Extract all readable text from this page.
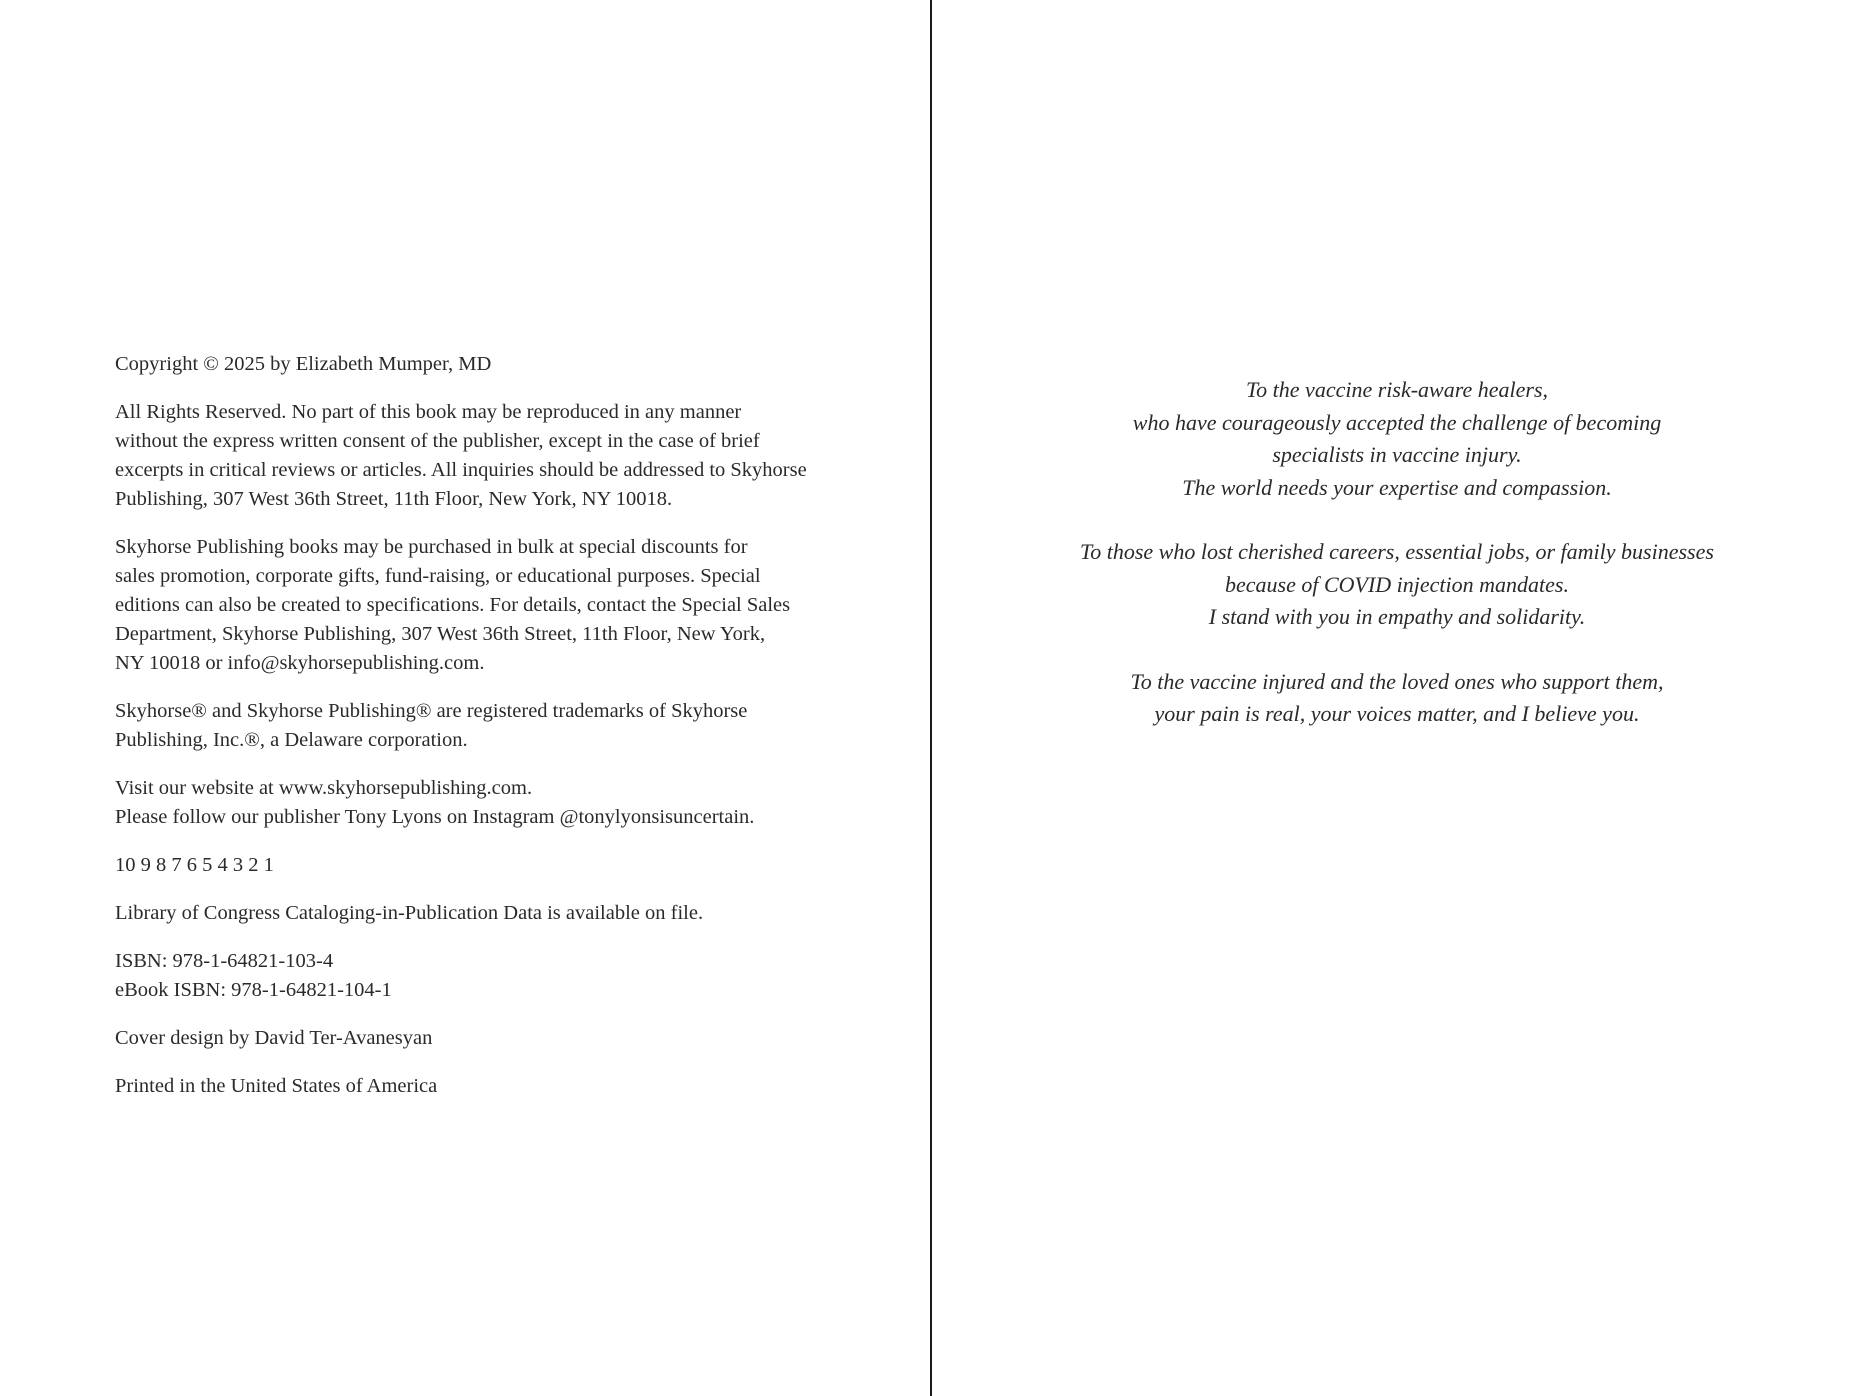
Copyright © 2025 by Elizabeth Mumper, MD

All Rights Reserved. No part of this book may be reproduced in any manner
without the express written consent of the publisher, except in the case of brief
excerpts in critical reviews or articles. All inquiries should be addressed to Skyhorse
Publishing, 307 West 36th Street, 11th Floor, New York, NY 10018.

Skyhorse Publishing books may be purchased in bulk at special discounts for
sales promotion, corporate gifts, fund-raising, or educational purposes. Special
editions can also be created to specifications. For details, contact the Special Sales
Department, Skyhorse Publishing, 307 West 36th Street, 11th Floor, New York,
NY 10018 or info@skyhorsepublishing.com.

Skyhorse® and Skyhorse Publishing® are registered trademarks of Skyhorse
Publishing, Inc.®, a Delaware corporation.

Visit our website at www.skyhorsepublishing.com.
Please follow our publisher Tony Lyons on Instagram @tonylyonsisuncertain.

10 9 8 7 6 5 4 3 2 1

Library of Congress Cataloging-in-Publication Data is available on file.

ISBN: 978-1-64821-103-4
eBook ISBN: 978-1-64821-104-1

Cover design by David Ter-Avanesyan

Printed in the United States of America

To the vaccine risk-aware healers,
who have courageously accepted the challenge of becoming
specialists in vaccine injury.
The world needs your expertise and compassion.

To those who lost cherished careers, essential jobs, or family businesses
because of COVID injection mandates.
I stand with you in empathy and solidarity.

To the vaccine injured and the loved ones who support them,
your pain is real, your voices matter, and I believe you.
